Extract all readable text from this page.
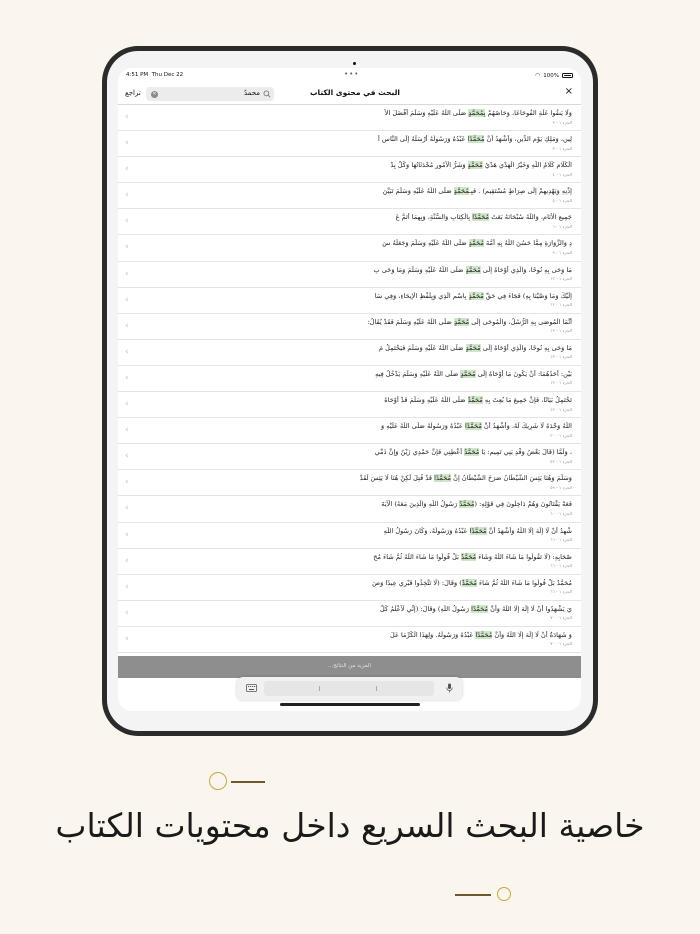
4:51 PM Thu Dec 22	•••	◠ 100%
تراجع ✕	محمدً	البحث في محتوى الكتاب	×
وَلَا يَنقُوا عَلَةِ الفُوحَاعَا، وَحَاصُهُمْ بِمُحَمَّدٍ صَلَّى اللَّهُ عَلَيْهِ وَسَلَّمَ أَفْضَلَ الأُ
الجزء ١ - ٣
‹
لِينِ، وَمَلِكِ يَوْمِ الدِّينِ، وَأَشْهَدُ أَنَّ مُحَمَّدًا عَبْدُهُ وَرَسُولُهُ أَرْسَلَهُ إِلَى النَّاسِ أَ
الجزء ١ - ٣
‹
الْكَلَامِ كَلَامُ اللَّهِ وَخَيْرُ الْهَدْيِ هَدْيُ مُحَمَّدٍ وَشَرُّ الْأُمُورِ مُحْدَثَاتُهَا وَكُلُّ بِدْ
الجزء ١ - ٤
‹
إِذْنِهِ وَيَهْدِيهِمْ إِلَى صِرَاطٍ مُسْتَقِيمٍ) . فَبِـمُحَمَّدٍ صَلَّى اللَّهُ عَلَيْهِ وَسَلَّمَ تَبَيَّنَ
الجزء ١ - ٥
‹
جَمِيعِ الْأَنَامِ، وَاللَّهُ سُبْحَانَهُ بَعَثَ مُحَمَّدًا بِالْكِتَابِ وَالسُّنَّةِ، وَبِهِمَا أَتَمَّ عَ
الجزء ١ - ٦
‹
دِ وَالزَّوَارَةِ مِمَّا حَسُنَ اللَّهُ بِهِ أُمَّةَ مُحَمَّدٍ صَلَّى اللَّهُ عَلَيْهِ وَسَلَّمَ وَجَعَلَهُ سَ
الجزء ١ - ٩
‹
مَا وَحَى بِهِ نُوحًا، وَالَّذِي أَوْحَاهُ إِلَى مُحَمَّدٍ صَلَّى اللَّهُ عَلَيْهِ وَسَلَّمَ وَمَا وَحَى بِ
الجزء ١ - ١٢
‹
إِلَيْكَ وَمَا وَصَّيْنَا بِهِ) فَجَاءَ فِي حَقِّ مُحَمَّدٍ بِاسْمِ الَّذِي وَبِلَفْظِ الْإِيحَاءِ، وَفِي سَا
الجزء ١ - ١٢
‹
أَنَّمَا الْمُوصَى بِهِ الرُّسُلُ، وَالْمُوحَى إِلَى مُحَمَّدٍ صَلَّى اللَّهُ عَلَيْهِ وَسَلَّمَ فَقَدْ يُقَالُ:
الجزء ١ - ١٣
‹
مَا وَحَى بِهِ نُوحًا، وَالَّذِي أَوْحَاهُ إِلَى مُحَمَّدٍ صَلَّى اللَّهُ عَلَيْهِ وَسَلَّمَ فَيَحْتَمِلُ مَ
الجزء ١ - ١٣
‹
بَيْنِ: أَحَدُهُمَا: أَنْ يَكُونَ مَا أَوْحَاهُ إِلَى مُحَمَّدٍ صَلَّى اللَّهُ عَلَيْهِ وَسَلَّمَ يَدْخُلُ فِيهِ
الجزء ١ - ١٣
‹
تَحْتَمِلُ بَيَانًا، فَإِنَّ جَمِيعَ مَا بُعِثَ بِهِ مُحَمَّدٌ صَلَّى اللَّهُ عَلَيْهِ وَسَلَّمَ قَدْ أَوْحَاهُ
الجزء ١ - ١٣
‹
اللَّهُ وَحْدَهُ لَا شَرِيكَ لَهُ، وَأَشْهَدُ أَنَّ مُحَمَّدًا عَبْدُهُ وَرَسُولُهُ صَلَّى اللَّهُ عَلَيْهِ وَ
الجزء ١ - ٢٠
‹
، وَلَمَّا (قَالَ بَعْضُ وَفْدِ بَنِي تَمِيمٍ: يَا مُحَمَّدُ أَعْطِنِي فَإِنَّ حَمْدِي زَيْنٌ وَإِنَّ ذَمِّي
الجزء ١ - ٥٢
‹
وَسَلَّمَ وَهُنَا يَئِسَ الشَّيْطَانُ صَرَخَ الشَّيْطَانُ إِنَّ مُحَمَّدًا قَدْ قُتِلَ لَكِنْ هُنَا لَا يَئِسَ لَقَدْ
الجزء ١ - ٥٩
‹
فَعَةً يَقْتَاتُونَ وَهُمْ دَاخِلُونَ فِي قَوْلِهِ: (مُحَمَّدٌ رَسُولُ اللَّهِ وَالَّذِينَ مَعَهُ) الْآيَةَ
الجزء ١ - ٦٠
‹
شْهِدُ أَنْ لَا إِلَهَ إِلَّا اللَّهُ وَأَشْهَدُ أَنَّ مُحَمَّدًا عَبْدُهُ وَرَسُولُهُ، وَكَانَ رَسُولُ اللَّهِ
الجزء ١ - ٦٦
‹
صْحَابِهِ: (لَا تَقُولُوا مَا شَاءَ اللَّهُ وَشَاءَ مُحَمَّدٌ بَلْ قُولُوا مَا شَاءَ اللَّهُ ثُمَّ شَاءَ مُحَ
الجزء ١ - ٦٦
‹
مُحَمَّدٌ بَلْ قُولُوا مَا شَاءَ اللَّهُ ثُمَّ شَاءَ مُحَمَّدٌ) وَقَالَ: (لَا تَتَّخِذُوا قَبْرِي عِيدًا وَصَ
الجزء ١ - ٦٦
‹
يَ يَشْهَدُوا أَنْ لَا إِلَهَ إِلَّا اللَّهُ وَأَنَّ مُحَمَّدًا رَسُولُ اللَّهِ) وَقَالَ: (إِنِّي لَأَعْلَمُ كُلَّ
الجزء ١ - ٧٠
‹
وَ شَهَادَةُ أَنْ لَا إِلَهَ إِلَّا اللَّهُ وَأَنَّ مُحَمَّدًا عَبْدُهُ وَرَسُولُهُ. وَلِهَذَا الْكُرِّمَا عَلَ
الجزء ١ - ٧٠
‹
المزيد من النتائج...
خاصية البحث السريع داخل محتويات الكتاب
